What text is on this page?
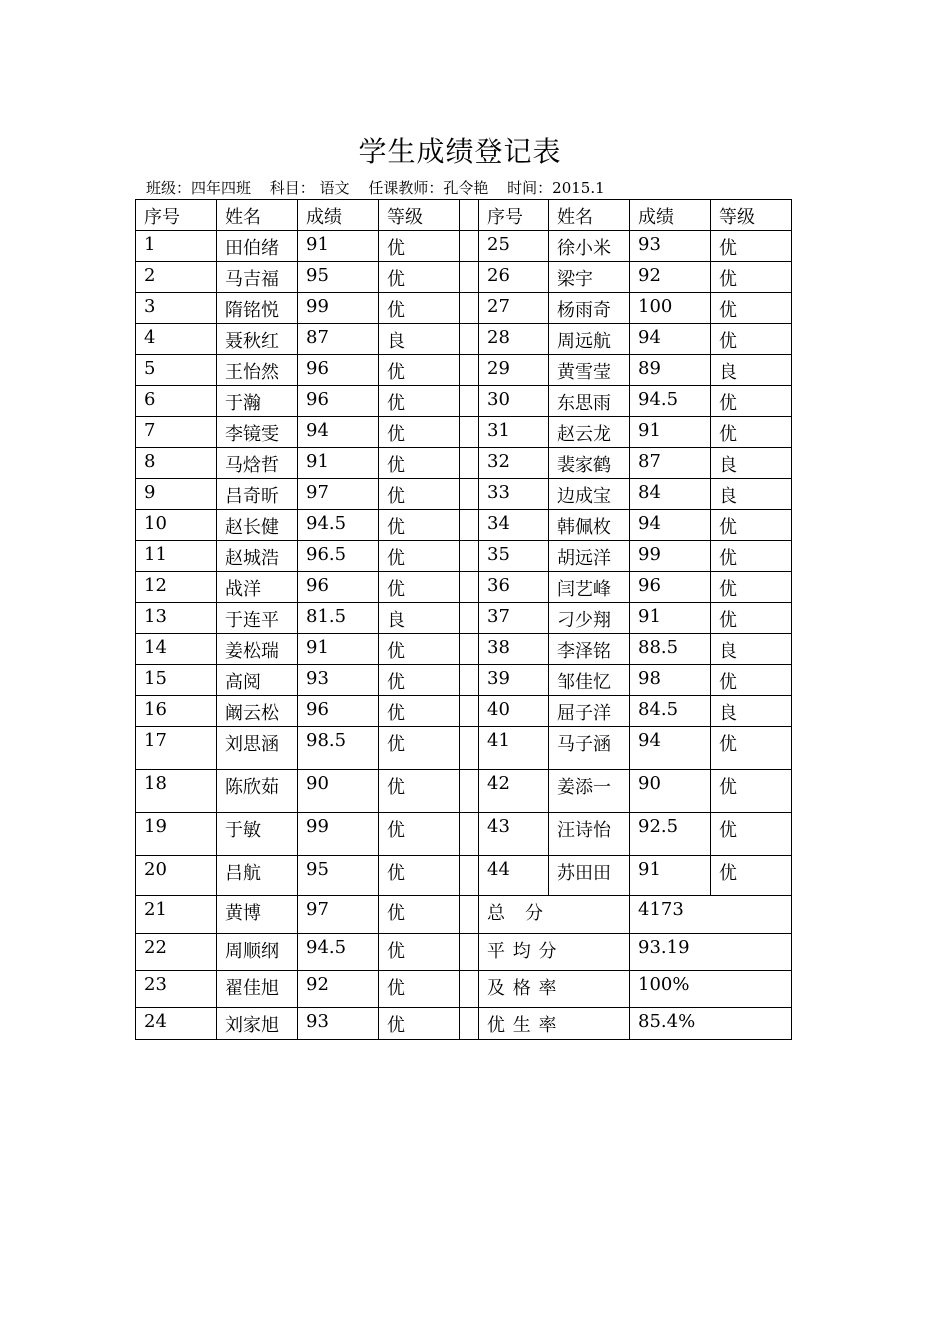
学生成绩登记表
班级：四年四班 科目： 语文 任课教师：孔令艳 时间：2015.1
序号	姓名	成绩	等级		序号	姓名	成绩	等级
1	田伯绪	91	优		25	徐小米	93	优
2	马吉福	95	优		26	梁宇	92	优
3	隋铭悦	99	优		27	杨雨奇	100	优
4	聂秋红	87	良		28	周远航	94	优
5	王怡然	96	优		29	黄雪莹	89	良
6	于瀚	96	优		30	东思雨	94.5	优
7	李镜雯	94	优		31	赵云龙	91	优
8	马焓哲	91	优		32	裴家鹤	87	良
9	吕奇昕	97	优		33	边成宝	84	良
10	赵长健	94.5	优		34	韩佩枚	94	优
11	赵城浩	96.5	优		35	胡远洋	99	优
12	战洋	96	优		36	闫艺峰	96	优
13	于连平	81.5	良		37	刁少翔	91	优
14	姜松瑞	91	优		38	李泽铭	88.5	良
15	高阅	93	优		39	邹佳忆	98	优
16	阚云松	96	优		40	屈子洋	84.5	良
17	刘思涵	98.5	优		41	马子涵	94	优
18	陈欣茹	90	优		42	姜添一	90	优
19	于敏	99	优		43	汪诗怡	92.5	优
20	吕航	95	优		44	苏田田	91	优
21	黄博	97	优		总　分		4173	
22	周顺纲	94.5	优		平 均 分		93.19	
23	翟佳旭	92	优		及 格 率		100%	
24	刘家旭	93	优		优 生 率		85.4%	
